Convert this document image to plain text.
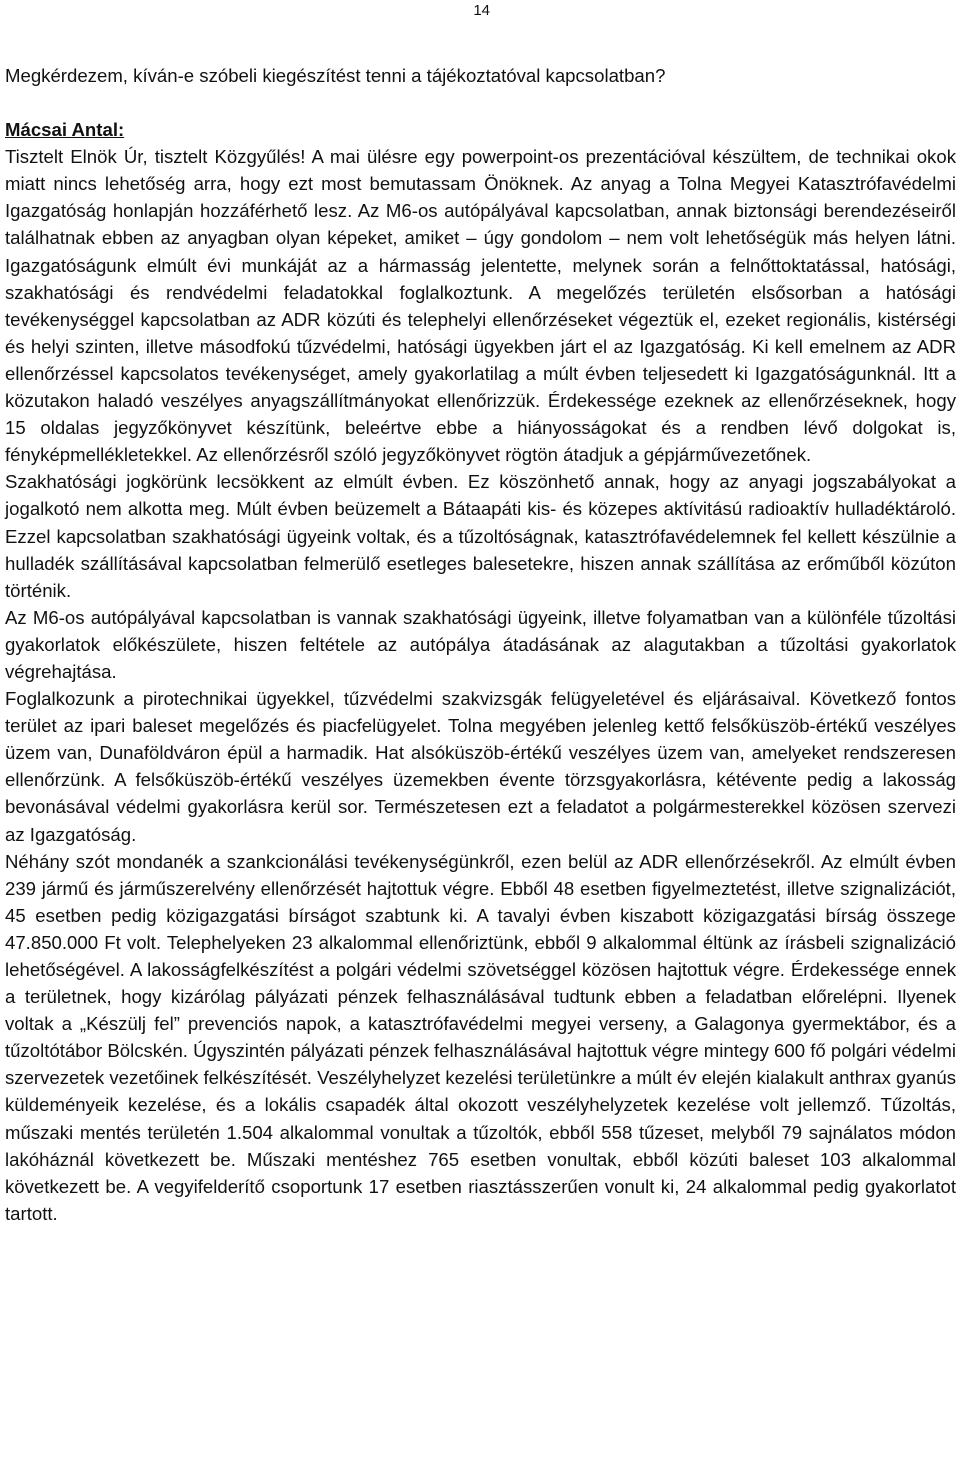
14

Megkérdezem, kíván-e szóbeli kiegészítést tenni a tájékoztatóval kapcsolatban?

Mácsai Antal:

Tisztelt Elnök Úr, tisztelt Közgyűlés! A mai ülésre egy powerpoint-os prezentációval készültem, de technikai okok miatt nincs lehetőség arra, hogy ezt most bemutassam Önöknek. Az anyag a Tolna Megyei Katasztrófavédelmi Igazgatóság honlapján hozzáférhető lesz. Az M6-os autópályával kapcsolatban, annak biztonsági berendezéseiről találhatnak ebben az anyagban olyan képeket, amiket – úgy gondolom – nem volt lehetőségük más helyen látni. Igazgatóságunk elmúlt évi munkáját az a hármasság jelentette, melynek során a felnőttoktatással, hatósági, szakhatósági és rendvédelmi feladatokkal foglalkoztunk. A megelőzés területén elsősorban a hatósági tevékenységgel kapcsolatban az ADR közúti és telephelyi ellenőrzéseket végeztük el, ezeket regionális, kistérségi és helyi szinten, illetve másodfokú tűzvédelmi, hatósági ügyekben járt el az Igazgatóság. Ki kell emelnem az ADR ellenőrzéssel kapcsolatos tevékenységet, amely gyakorlatilag a múlt évben teljesedett ki Igazgatóságunknál. Itt a közutakon haladó veszélyes anyagszállítmányokat ellenőrizzük. Érdekessége ezeknek az ellenőrzéseknek, hogy 15 oldalas jegyzőkönyvet készítünk, beleértve ebbe a hiányosságokat és a rendben lévő dolgokat is, fényképmellékletekkel. Az ellenőrzésről szóló jegyzőkönyvet rögtön átadjuk a gépjárművezetőnek.

Szakhatósági jogkörünk lecsökkent az elmúlt évben. Ez köszönhető annak, hogy az anyagi jogszabályokat a jogalkotó nem alkotta meg. Múlt évben beüzemelt a Bátaapáti kis- és közepes aktívitású radioaktív hulladéktároló. Ezzel kapcsolatban szakhatósági ügyeink voltak, és a tűzoltóságnak, katasztrófavédelemnek fel kellett készülnie a hulladék szállításával kapcsolatban felmerülő esetleges balesetekre, hiszen annak szállítása az erőműből közúton történik.

Az M6-os autópályával kapcsolatban is vannak szakhatósági ügyeink, illetve folyamatban van a különféle tűzoltási gyakorlatok előkészülete, hiszen feltétele az autópálya átadásának az alagutakban a tűzoltási gyakorlatok végrehajtása.

Foglalkozunk a pirotechnikai ügyekkel, tűzvédelmi szakvizsgák felügyeletével és eljárásaival. Következő fontos terület az ipari baleset megelőzés és piacfelügyelet. Tolna megyében jelenleg kettő felsőküszöb-értékű veszélyes üzem van, Dunaföldváron épül a harmadik. Hat alsóküszöb-értékű veszélyes üzem van, amelyeket rendszeresen ellenőrzünk. A felsőküszöb-értékű veszélyes üzemekben évente törzsgyakorlásra, kétévente pedig a lakosság bevonásával védelmi gyakorlásra kerül sor. Természetesen ezt a feladatot a polgármesterekkel közösen szervezi az Igazgatóság.

Néhány szót mondanék a szankcionálási tevékenységünkről, ezen belül az ADR ellenőrzésekről. Az elmúlt évben 239 jármű és járműszerelvény ellenőrzését hajtottuk végre. Ebből 48 esetben figyelmeztetést, illetve szignalizációt, 45 esetben pedig közigazgatási bírságot szabtunk ki. A tavalyi évben kiszabott közigazgatási bírság összege 47.850.000 Ft volt. Telephelyeken 23 alkalommal ellenőriztünk, ebből 9 alkalommal éltünk az írásbeli szignalizáció lehetőségével. A lakosságfelkészítést a polgári védelmi szövetséggel közösen hajtottuk végre. Érdekessége ennek a területnek, hogy kizárólag pályázati pénzek felhasználásával tudtunk ebben a feladatban előrelépni. Ilyenek voltak a „Készülj fel” prevenciós napok, a katasztrófavédelmi megyei verseny, a Galagonya gyermektábor, és a tűzoltótábor Bölcskén. Úgyszintén pályázati pénzek felhasználásával hajtottuk végre mintegy 600 fő polgári védelmi szervezetek vezetőinek felkészítését. Veszélyhelyzet kezelési területünkre a múlt év elején kialakult anthrax gyanús küldeményeik kezelése, és a lokális csapadék által okozott veszélyhelyzetek kezelése volt jellemző. Tűzoltás, műszaki mentés területén 1.504 alkalommal vonultak a tűzoltók, ebből 558 tűzeset, melyből 79 sajnálatos módon lakóháznál következett be. Műszaki mentéshez 765 esetben vonultak, ebből közúti baleset 103 alkalommal következett be. A vegyifelderítő csoportunk 17 esetben riasztásszerűen vonult ki, 24 alkalommal pedig gyakorlatot tartott.
